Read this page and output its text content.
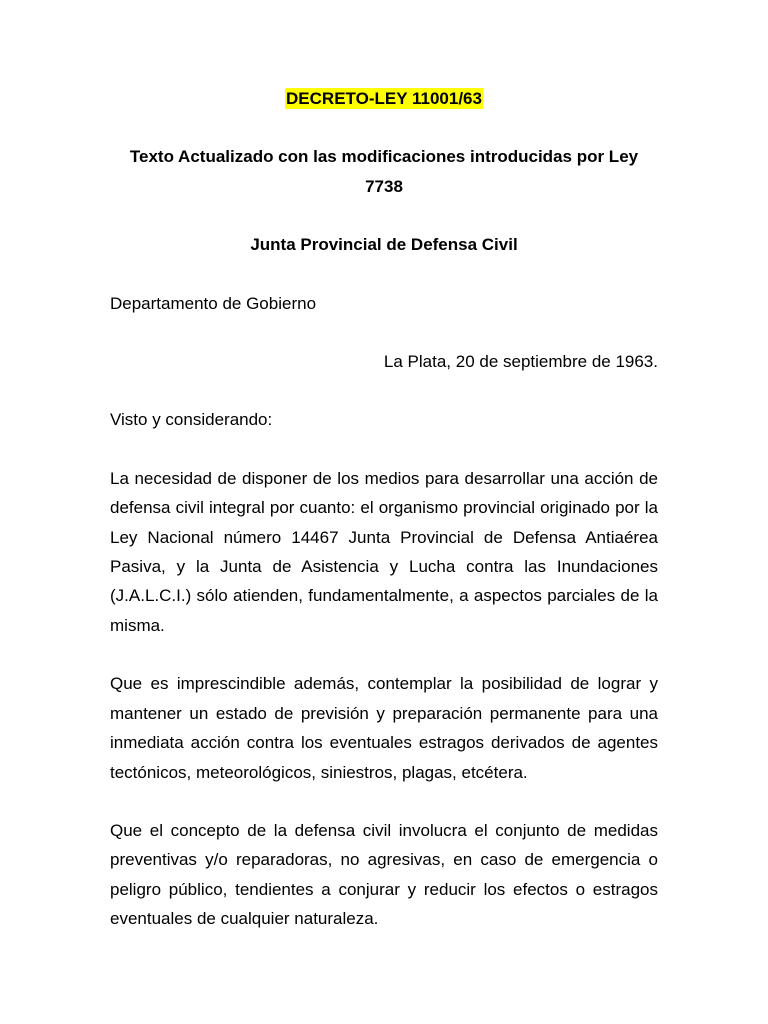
DECRETO-LEY 11001/63

Texto Actualizado con las modificaciones introducidas por Ley 7738

Junta Provincial de Defensa Civil

Departamento de Gobierno

La Plata, 20 de septiembre de 1963.

Visto y considerando:

La necesidad de disponer de los medios para desarrollar una acción de defensa civil integral por cuanto: el organismo provincial originado por la Ley Nacional número 14467 Junta Provincial de Defensa Antiaérea Pasiva, y la Junta de Asistencia y Lucha contra las Inundaciones (J.A.L.C.I.) sólo atienden, fundamentalmente, a aspectos parciales de la misma.

Que es imprescindible además, contemplar la posibilidad de lograr y mantener un estado de previsión y preparación permanente para una inmediata acción contra los eventuales estragos derivados de agentes tectónicos, meteorológicos, siniestros, plagas, etcétera.

Que el concepto de la defensa civil involucra el conjunto de medidas preventivas y/o reparadoras, no agresivas, en caso de emergencia o peligro público, tendientes a conjurar y reducir los efectos o estragos eventuales de cualquier naturaleza.
